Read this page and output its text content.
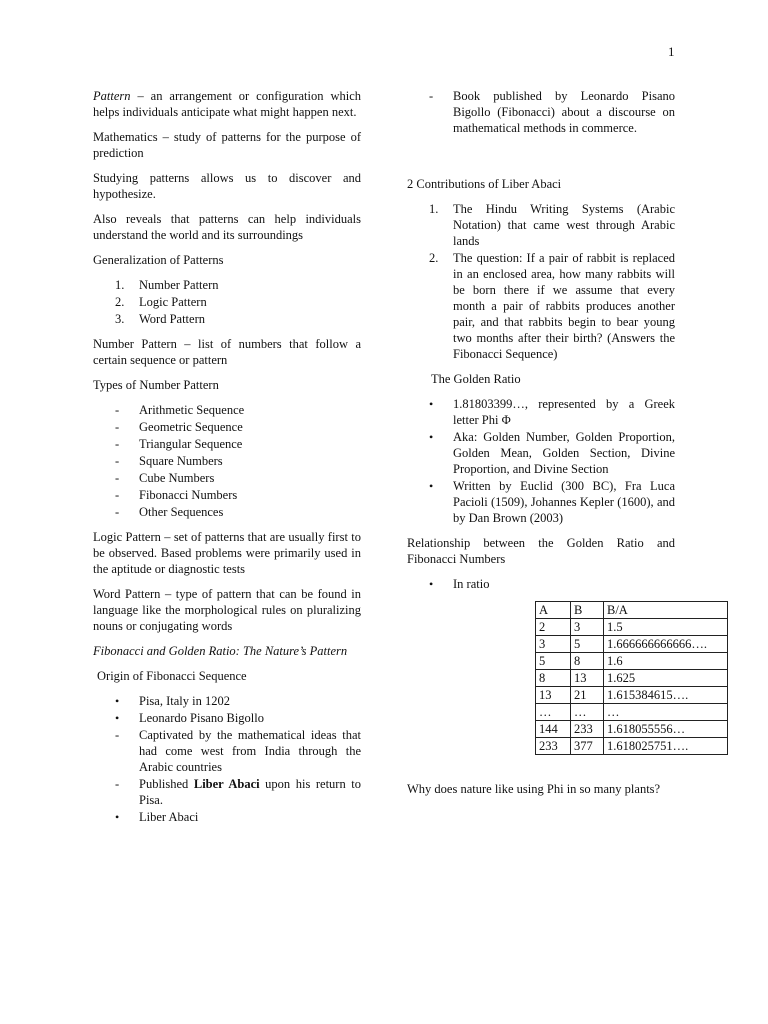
1

Pattern – an arrangement or configuration which helps individuals anticipate what might happen next.

Mathematics – study of patterns for the purpose of prediction

Studying patterns allows us to discover and hypothesize.

Also reveals that patterns can help individuals understand the world and its surroundings

Generalization of Patterns

1. Number Pattern
2. Logic Pattern
3. Word Pattern

Number Pattern – list of numbers that follow a certain sequence or pattern

Types of Number Pattern

- Arithmetic Sequence
- Geometric Sequence
- Triangular Sequence
- Square Numbers
- Cube Numbers
- Fibonacci Numbers
- Other Sequences

Logic Pattern – set of patterns that are usually first to be observed. Based problems were primarily used in the aptitude or diagnostic tests

Word Pattern – type of pattern that can be found in language like the morphological rules on pluralizing nouns or conjugating words

Fibonacci and Golden Ratio: The Nature’s Pattern

Origin of Fibonacci Sequence

• Pisa, Italy in 1202
• Leonardo Pisano Bigollo
- Captivated by the mathematical ideas that had come west from India through the Arabic countries
- Published Liber Abaci upon his return to Pisa.
• Liber Abaci
- Book published by Leonardo Pisano Bigollo (Fibonacci) about a discourse on mathematical methods in commerce.

2 Contributions of Liber Abaci

1. The Hindu Writing Systems (Arabic Notation) that came west through Arabic lands
2. The question: If a pair of rabbit is replaced in an enclosed area, how many rabbits will be born there if we assume that every month a pair of rabbits produces another pair, and that rabbits begin to bear young two months after their birth? (Answers the Fibonacci Sequence)

The Golden Ratio

• 1.81803399…, represented by a Greek letter Phi Φ
• Aka: Golden Number, Golden Proportion, Golden Mean, Golden Section, Divine Proportion, and Divine Section
• Written by Euclid (300 BC), Fra Luca Pacioli (1509), Johannes Kepler (1600), and by Dan Brown (2003)

Relationship between the Golden Ratio and Fibonacci Numbers

• In ratio
A	B	B/A
2	3	1.5
3	5	1.666666666666….
5	8	1.6
8	13	1.625
13	21	1.615384615….
…	…	…
144	233	1.618055556…
233	377	1.618025751….

Why does nature like using Phi in so many plants?
